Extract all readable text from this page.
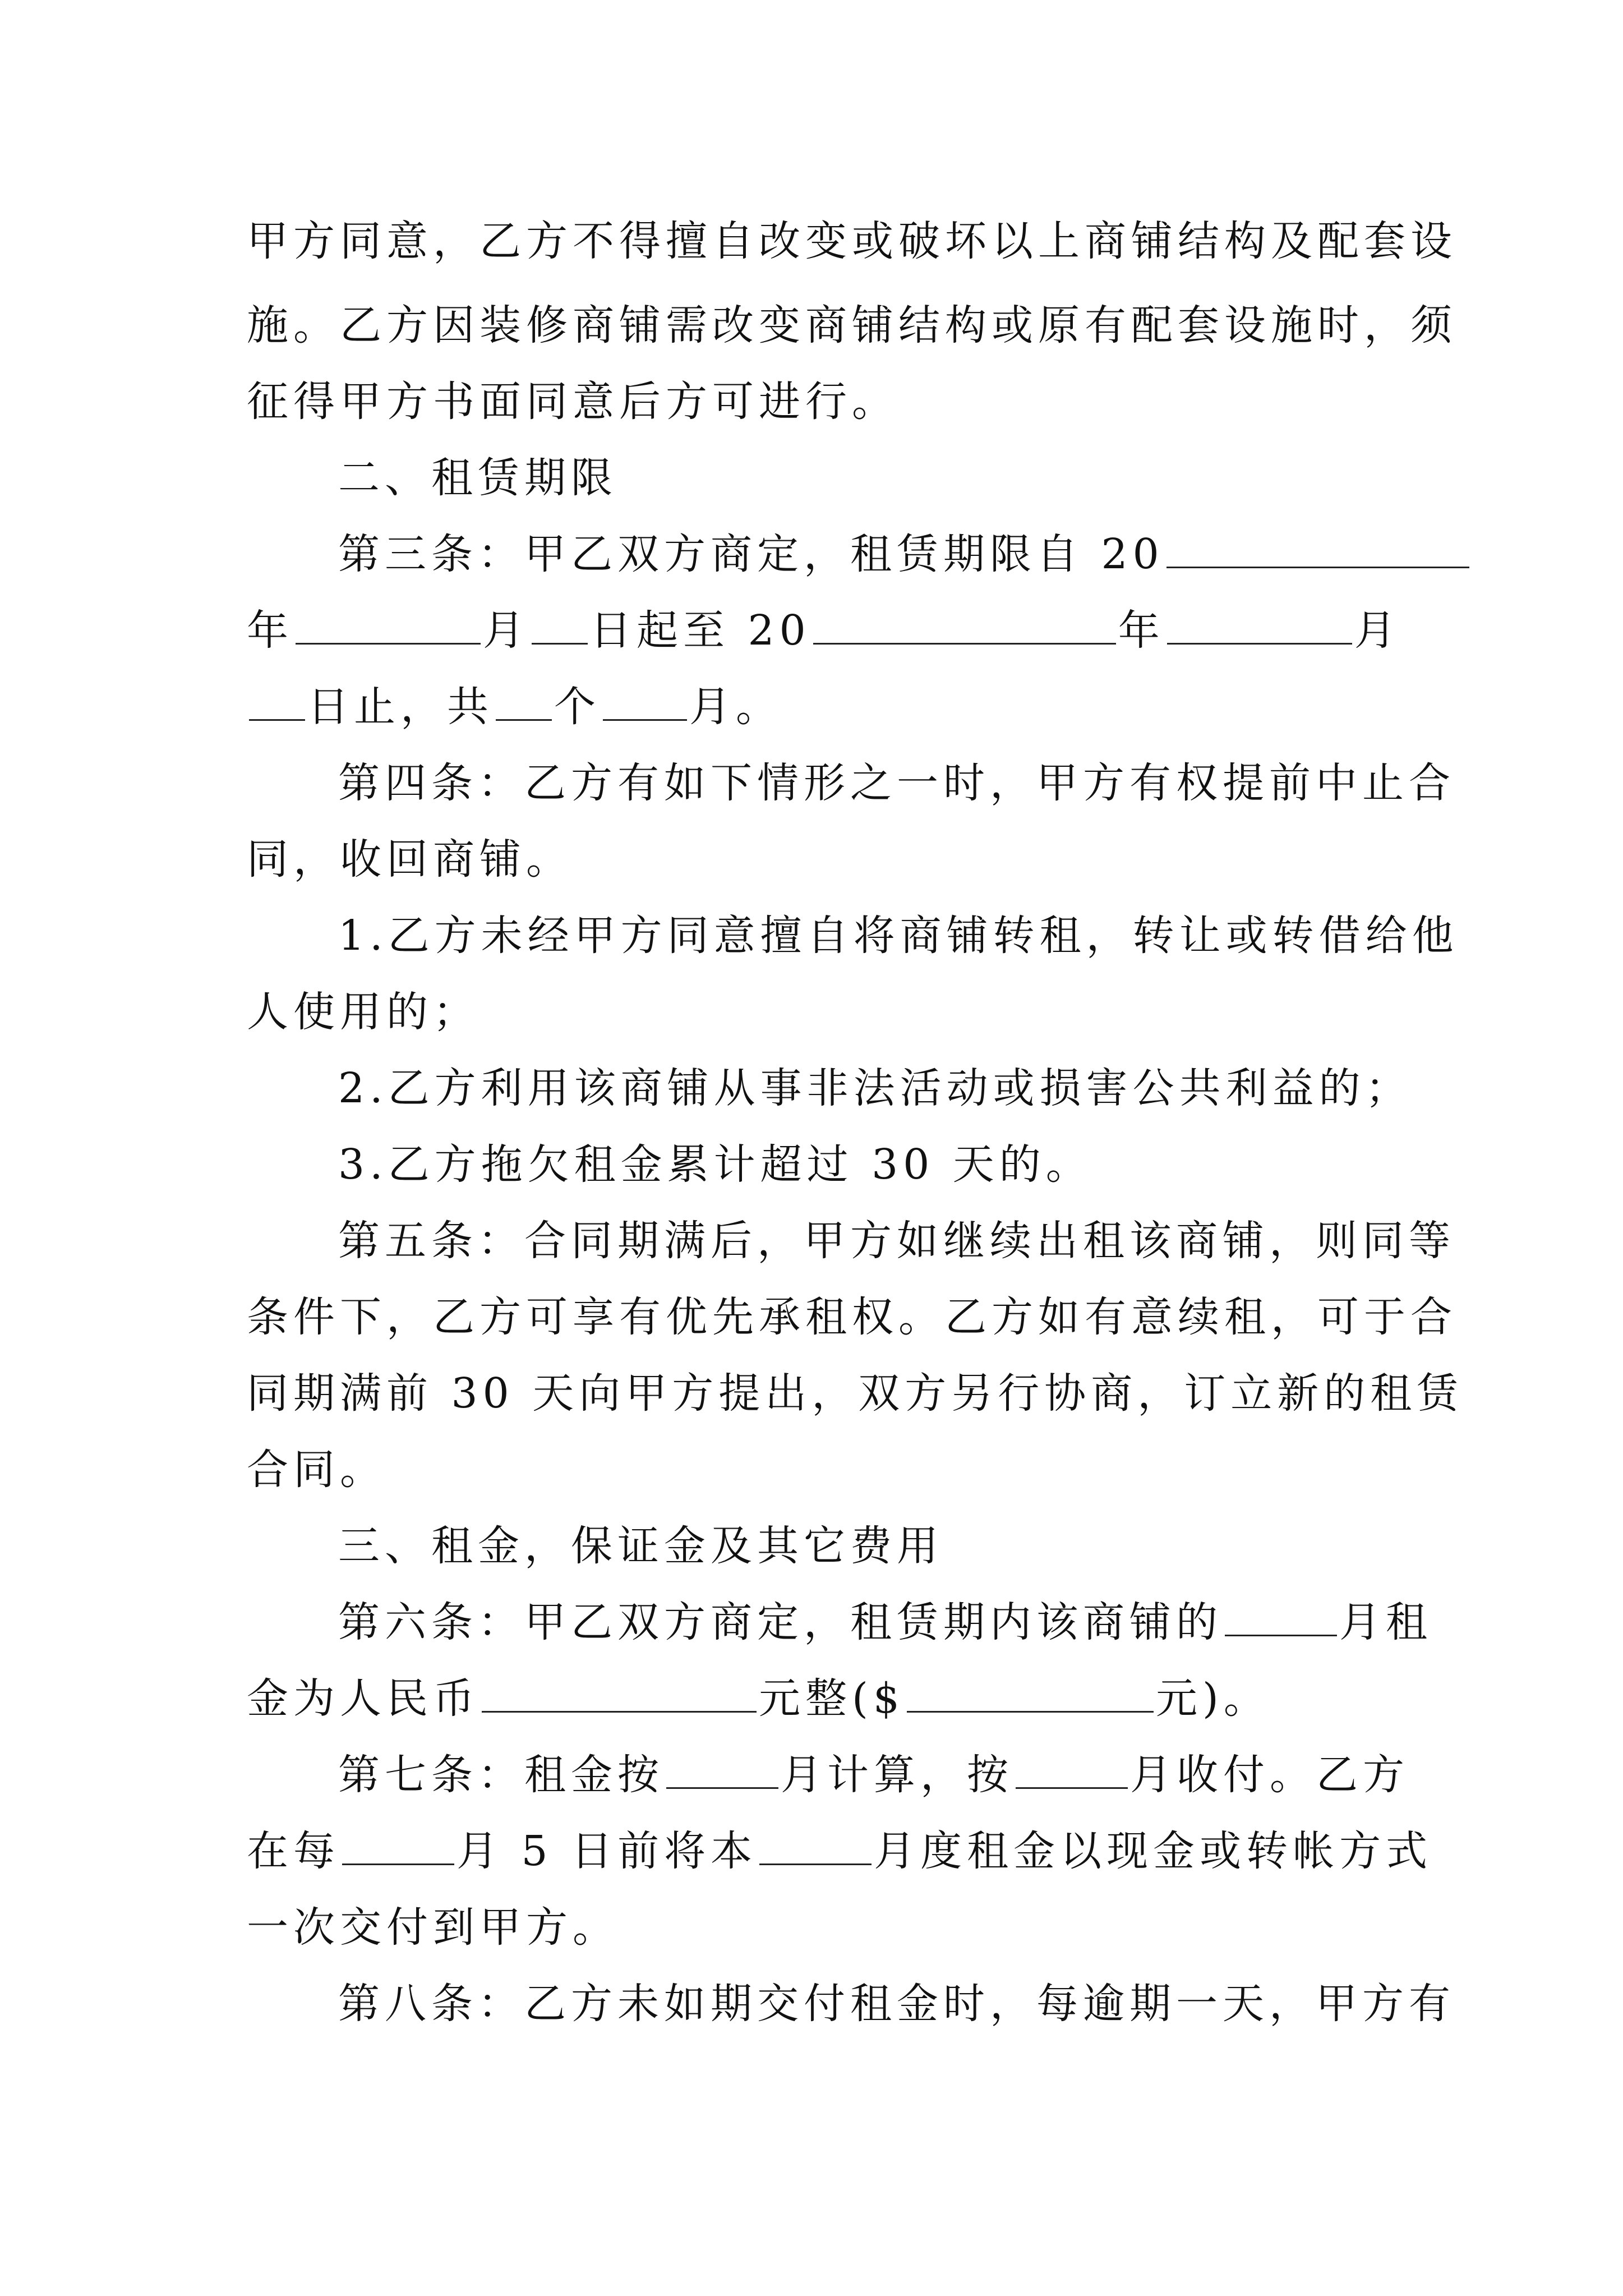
甲方同意，乙方不得擅自改变或破坏以上商铺结构及配套设
施。乙方因装修商铺需改变商铺结构或原有配套设施时，须
征得甲方书面同意后方可进行。
二、租赁期限
第三条：甲乙双方商定，租赁期限自 20
年	月 日起至 20	年	月
日止，共 个 月。
第四条：乙方有如下情形之一时，甲方有权提前中止合
同，收回商铺。
1.乙方未经甲方同意擅自将商铺转租，转让或转借给他
人使用的；
2.乙方利用该商铺从事非法活动或损害公共利益的；
3.乙方拖欠租金累计超过 30 天的。
第五条：合同期满后，甲方如继续出租该商铺，则同等
条件下，乙方可享有优先承租权。乙方如有意续租，可于合
同期满前 30 天向甲方提出，双方另行协商，订立新的租赁
合同。
三、租金，保证金及其它费用
第六条：甲乙双方商定，租赁期内该商铺的	月租
金为人民币	元整($	元)。
第七条：租金按	月计算，按	月收付。乙方
在每	月 5 日前将本	月度租金以现金或转帐方式
一次交付到甲方。
第八条：乙方未如期交付租金时，每逾期一天，甲方有
